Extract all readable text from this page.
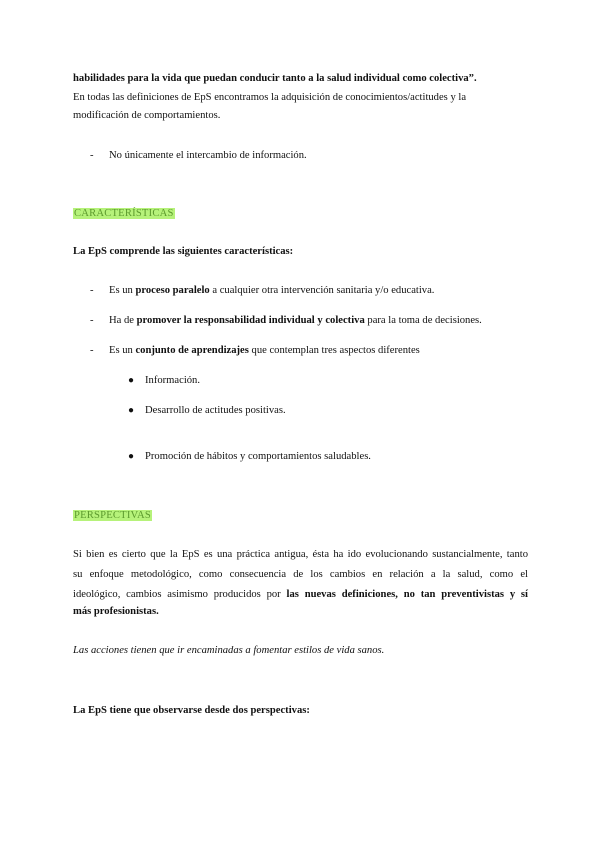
habilidades para la vida que puedan conducir tanto a la salud individual como colectiva”.
En todas las definiciones de EpS encontramos la adquisición de conocimientos/actitudes y la
modificación de comportamientos.
- No únicamente el intercambio de información.
CARACTERÍSTICAS
La EpS comprende las siguientes características:
- Es un proceso paralelo a cualquier otra intervención sanitaria y/o educativa.
- Ha de promover la responsabilidad individual y colectiva para la toma de decisiones.
- Es un conjunto de aprendizajes que contemplan tres aspectos diferentes
● Información.
● Desarrollo de actitudes positivas.
● Promoción de hábitos y comportamientos saludables.
PERSPECTIVAS
Si bien es cierto que la EpS es una práctica antigua, ésta ha ido evolucionando sustancialmente, tanto
su enfoque metodológico, como consecuencia de los cambios en relación a la salud, como el
ideológico, cambios asimismo producidos por las nuevas definiciones, no tan preventivistas y sí
más profesionistas.
Las acciones tienen que ir encaminadas a fomentar estilos de vida sanos.
La EpS tiene que observarse desde dos perspectivas:
